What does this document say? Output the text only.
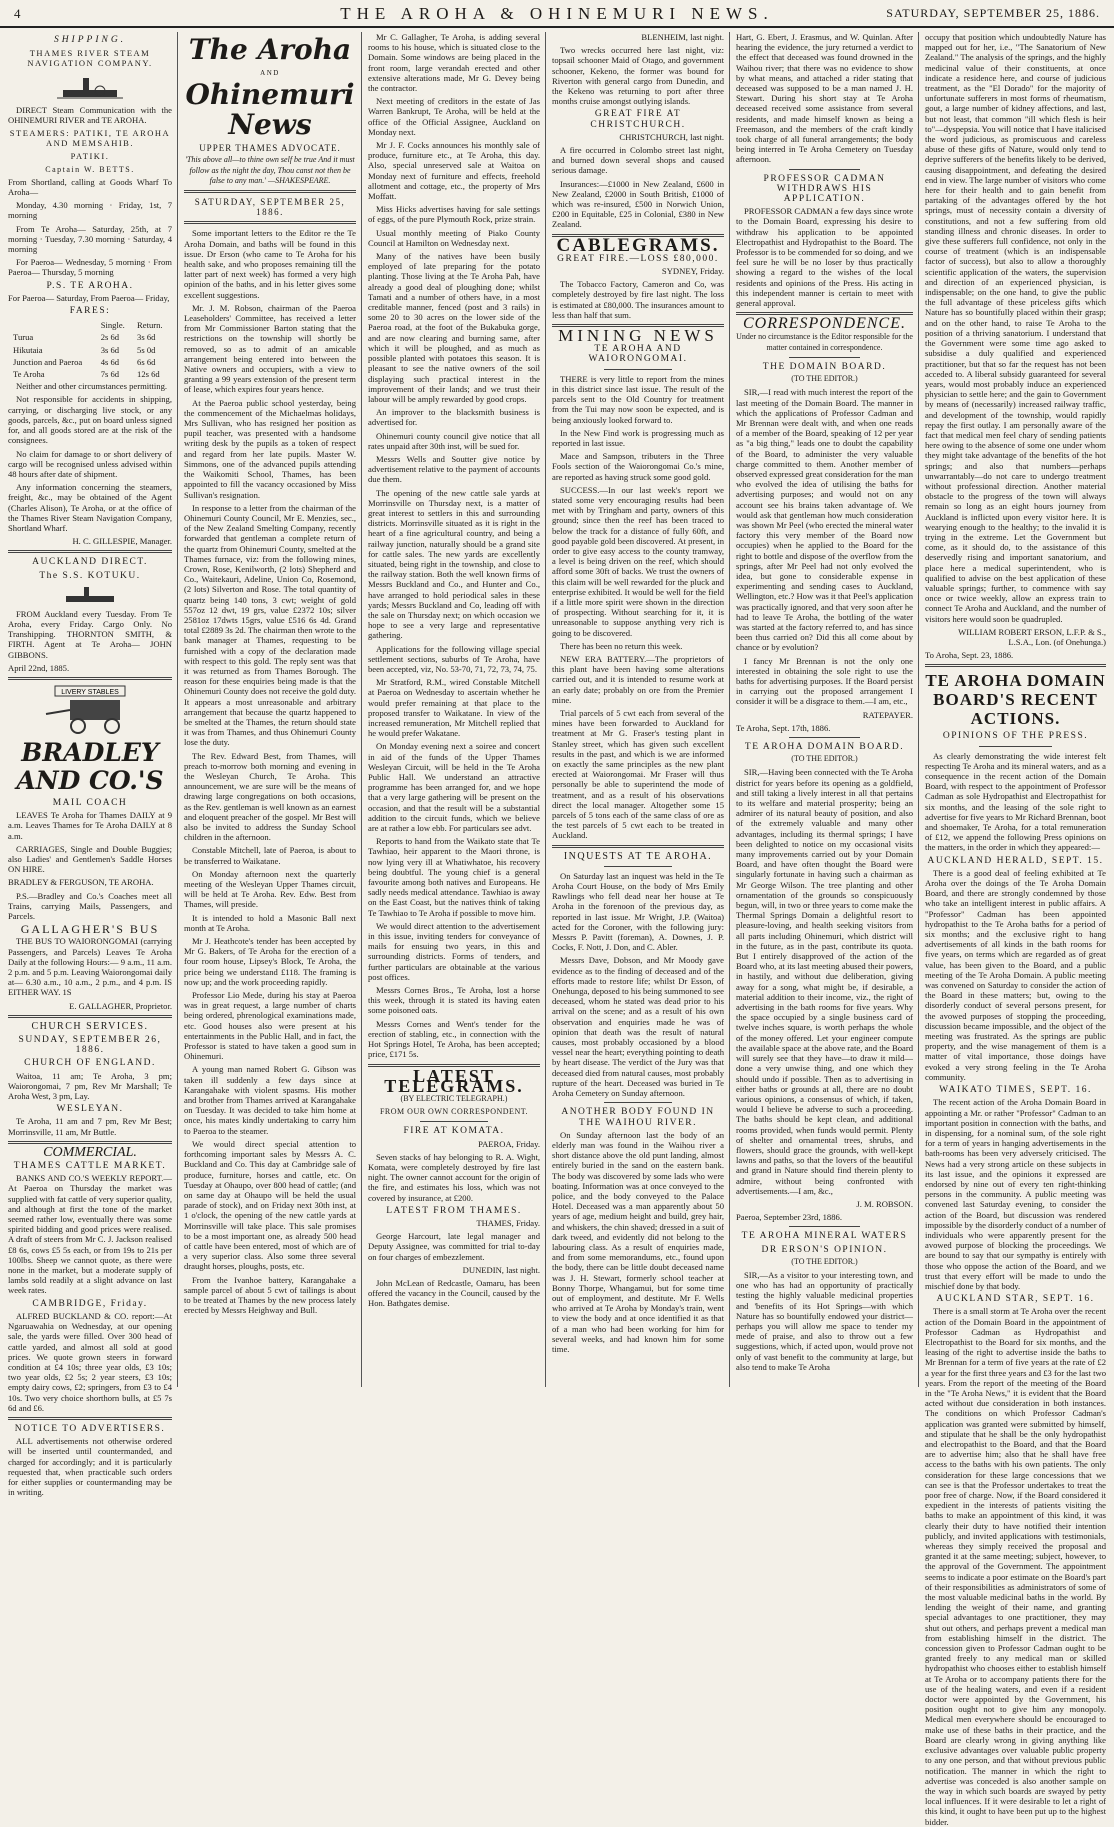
4	THE AROHA & OHINEMURI NEWS.	SATURDAY, SEPTEMBER 25, 1886.
SHIPPING.
THAMES RIVER STEAM NAVIGATION COMPANY.

DIRECT Steam Communication with the OHINEMURI RIVER and TE AROHA.

STEAMERS: PATIKI, TE AROHA AND MEMSAHIB.
PATIKI.
Captain W. BETTS.

From Shortland, calling at Goods Wharf To Aroha—

Monday, 4.30 morning · Friday, 1st, 7 morning

From Te Aroha— Saturday, 25th, at 7 morning · Tuesday, 7.30 morning · Saturday, 4 morning

For Paeroa— Wednesday, 5 morning · From Paeroa— Thursday, 5 morning

P.S. TE AROHA.

For Paeroa— Saturday, From Paeroa— Friday,

FARES:
	Single.	Return.
Turua	2s 6d	3s 6d
Hikutaia	3s 6d	5s 0d
Junction and Paeroa	4s 6d	6s 6d
Te Aroha	7s 6d	12s 6d

Neither and other circumstances permitting.

Not responsible for accidents in shipping, carrying, or discharging live stock, or any goods, parcels, &c., put on board unless signed for, and all goods stored are at the risk of the consignees.

No claim for damage to or short delivery of cargo will be recognised unless advised within 48 hours after date of shipment.

Any information concerning the steamers, freight, &c., may be obtained of the Agent (Charles Alison), Te Aroha, or at the office of the Thames River Steam Navigation Company, Shortland Wharf.

H. C. GILLESPIE, Manager.

AUCKLAND DIRECT.
The S.S. KOTUKU.

FROM Auckland every Tuesday. From Te Aroha, every Friday. Cargo Only. No Transhipping. THORNTON SMITH, & FIRTH. Agent at Te Aroha— JOHN GIBBONS.

April 22nd, 1885.

LIVERY STABLES
BRADLEY AND CO.'S
MAIL COACH

LEAVES Te Aroha for Thames DAILY at 9 a.m. Leaves Thames for Te Aroha DAILY at 8 a.m.

CARRIAGES, Single and Double Buggies; also Ladies' and Gentlemen's Saddle Horses ON HIRE.

BRADLEY & FERGUSON, TE AROHA.

P.S.—Bradley and Co.'s Coaches meet all Trains, carrying Mails, Passengers, and Parcels.

GALLAGHER'S BUS

THE BUS TO WAIORONGOMAI (carrying Passengers, and Parcels) Leaves Te Aroha Daily at the following Hours:— 9 a.m., 11 a.m. 2 p.m. and 5 p.m. Leaving Waiorongomai daily at— 6.30 a.m., 10 a.m., 2 p.m., and 4 p.m. IS EITHER WAY. 1S

E. GALLAGHER, Proprietor.

CHURCH SERVICES.
SUNDAY, SEPTEMBER 26, 1886.
CHURCH OF ENGLAND.

Waitoa, 11 am; Te Aroha, 3 pm; Waiorongomai, 7 pm, Rev Mr Marshall; Te Aroha West, 3 pm, Lay.

WESLEYAN.

Te Aroha, 11 am and 7 pm, Rev Mr Best; Morrinsville, 11 am, Mr Buttle.

COMMERCIAL.
THAMES CATTLE MARKET.

BANKS AND CO.'S WEEKLY REPORT.—At Paeroa on Thursday the market was supplied with fat cattle of very superior quality, and although at first the tone of the market seemed rather low, eventually there was some spirited bidding and good prices were realised. A draft of steers from Mr C. J. Jackson realised £8 6s, cows £5 5s each, or from 19s to 21s per 100lbs. Sheep we cannot quote, as there were none in the market, but a moderate supply of lambs sold readily at a slight advance on last week rates.

CAMBRIDGE, Friday.

ALFRED BUCKLAND & CO. report:—At Ngaruawahia on Wednesday, at our opening sale, the yards were filled. Over 300 head of cattle yarded, and almost all sold at good prices. We quote grown steers in forward condition at £4 10s; three year olds, £3 10s; two year olds, £2 5s; 2 year steers, £3 10s; empty dairy cows, £2; springers, from £3 to £4 10s. Two very choice shorthorn bulls, at £5 7s 6d and £6.

NOTICE TO ADVERTISERS.

ALL advertisements not otherwise ordered will be inserted until countermanded, and charged for accordingly; and it is particularly requested that, when practicable such orders for either supplies or countermanding may be in writing.

The Aroha
AND
Ohinemuri News
UPPER THAMES ADVOCATE.

'This above all—to thine own self be true And it must follow as the night the day, Thou canst not then be false to any man.' —SHAKESPEARE.

SATURDAY, SEPTEMBER 25, 1886.

Some important letters to the Editor re the Te Aroha Domain, and baths will be found in this issue. Dr Erson (who came to Te Aroha for his health sake, and who proposes remaining till the latter part of next week) has formed a very high opinion of the baths, and in his letter gives some excellent suggestions.

Mr. J. M. Robson, chairman of the Paeroa Leaseholders' Committee, has received a letter from Mr Commissioner Barton stating that the restrictions on the township will shortly be removed, so as to admit of an amicable arrangement being entered into between the Native owners and occupiers, with a view to granting a 99 years extension of the present term of lease, which expires four years hence.

At the Paeroa public school yesterday, being the commencement of the Michaelmas holidays, Mrs Sullivan, who has resigned her position as pupil teacher, was presented with a handsome writing desk by the pupils as a token of respect and regard from her late pupils. Master W. Simmons, one of the advanced pupils attending the Waikomiti School, Thames, has been appointed to fill the vacancy occasioned by Miss Sullivan's resignation.

In response to a letter from the chairman of the Ohinemuri County Council, Mr E. Menzies, sec., of the New Zealand Smelting Company, recently forwarded that gentleman a complete return of the quartz from Ohinemuri County, smelted at the Thames furnace, viz: from the following mines, Crown, Rose, Kenilworth, (2 lots) Shepherd and Co., Waitekauri, Adeline, Union Co, Rosemond, (2 lots) Silverton and Rose. The total quantity of quartz being 140 tons, 3 cwt; weight of gold 557oz 12 dwt, 19 grs, value £2372 10s; silver 2581oz 17dwts 15grs, value £516 6s 4d. Grand total £2889 3s 2d. The chairman then wrote to the bank manager at Thames, requesting to be furnished with a copy of the declaration made with respect to this gold. The reply sent was that it was returned as from Thames Borough. The reason for these enquiries being made is that the Ohinemuri County does not receive the gold duty. It appears a most unreasonable and arbitrary arrangement that because the quartz happened to be smelted at the Thames, the return should state it was from Thames, and thus Ohinemuri County lose the duty.

The Rev. Edward Best, from Thames, will preach to-morrow both morning and evening in the Wesleyan Church, Te Aroha. This announcement, we are sure will be the means of drawing large congregations on both occasions, as the Rev. gentleman is well known as an earnest and eloquent preacher of the gospel. Mr Best will also be invited to address the Sunday School children in the afternoon.

Constable Mitchell, late of Paeroa, is about to be transferred to Waikatane.

On Monday afternoon next the quarterly meeting of the Wesleyan Upper Thames circuit, will be held at Te Aroha. Rev. Edw. Best from Thames, will preside.

It is intended to hold a Masonic Ball next month at Te Aroha.

Mr J. Heathcote's tender has been accepted by Mr G. Bakers, of Te Aroha for the erection of a four room house, Lipsey's Block, Te Aroha, the price being we understand £118. The framing is now up; and the work proceeding rapidly.

Professor Lio Mede, during his stay at Paeroa was in great request, a large number of charts being ordered, phrenological examinations made, etc. Good houses also were present at his entertainments in the Public Hall, and in fact, the Professor is stated to have taken a good sum in Ohinemuri.

A young man named Robert G. Gibson was taken ill suddenly a few days since at Karangahake with violent spasms. His mother and brother from Thames arrived at Karangahake on Tuesday. It was decided to take him home at once, his mates kindly undertaking to carry him to Paeroa to the steamer.

We would direct special attention to forthcoming important sales by Messrs A. C. Buckland and Co. This day at Cambridge sale of produce, furniture, horses and cattle, etc. On Tuesday at Ohaupo, over 800 head of cattle; (and on same day at Ohaupo will be held the usual parade of stock), and on Friday next 30th inst, at 1 o'clock, the opening of the new cattle yards at Morrinsville will take place. This sale promises to be a most important one, as already 500 head of cattle have been entered, most of which are of a very superior class. Also some three several draught horses, ploughs, posts, etc.

From the Ivanhoe battery, Karangahake a sample parcel of about 5 cwt of tailings is about to be treated at Thames by the new process lately erected by Messrs Heighway and Bull.

Mr C. Gallagher, Te Aroha, is adding several rooms to his house, which is situated close to the Domain. Some windows are being placed in the front room, large verandah erected and other extensive alterations made, Mr G. Devey being the contractor.

Next meeting of creditors in the estate of Jas Warren Bankrupt, Te Aroha, will be held at the office of the Official Assignee, Auckland on Monday next.

Mr J. F. Cocks announces his monthly sale of produce, furniture etc., at Te Aroha, this day. Also, special unreserved sale at Waitoa on Monday next of furniture and effects, freehold allotment and cottage, etc., the property of Mrs Moffatt.

Miss Hicks advertises having for sale settings of eggs, of the pure Plymouth Rock, prize strain.

Usual monthly meeting of Piako County Council at Hamilton on Wednesday next.

Many of the natives have been busily employed of late preparing for the potato planting. Those living at the Te Aroha Pah, have already a good deal of ploughing done; whilst Tamati and a number of others have, in a most creditable manner, fenced (post and 3 rails) in some 20 to 30 acres on the lower side of the Paeroa road, at the foot of the Bukabuka gorge, and are now clearing and burning same, after which it will be ploughed, and as much as possible planted with potatoes this season. It is pleasant to see the native owners of the soil displaying such practical interest in the improvement of their lands; and we trust their labour will be amply rewarded by good crops.

An improver to the blacksmith business is advertised for.

Ohinemuri county council give notice that all rates unpaid after 30th inst, will be sued for.

Messrs Wells and Soutter give notice by advertisement relative to the payment of accounts due them.

The opening of the new cattle sale yards at Morrinsville on Thursday next, is a matter of great interest to settlers in this and surrounding districts. Morrinsville situated as it is right in the heart of a fine agricultural country, and being a railway junction, naturally should be a grand site for cattle sales. The new yards are excellently situated, being right in the township, and close to the railway station. Both the well known firms of Messrs Buckland and Co., and Hunter and Co., have arranged to hold periodical sales in these yards; Messrs Buckland and Co, leading off with the sale on Thursday next; on which occasion we hope to see a very large and representative gathering.

Applications for the following village special settlement sections, suburbs of Te Aroha, have been accepted, viz, No. 53-70, 71, 72, 73, 74, 75.

Mr Stratford, R.M., wired Constable Mitchell at Paeroa on Wednesday to ascertain whether he would prefer remaining at that place to the proposed transfer to Waikatane. In view of the increased remuneration, Mr Mitchell replied that he would prefer Wakatane.

On Monday evening next a soiree and concert in aid of the funds of the Upper Thames Wesleyan Circuit, will be held in the Te Aroha Public Hall. We understand an attractive programme has been arranged for, and we hope that a very large gathering will be present on the occasion, and that the result will be a substantial addition to the circuit funds, which we believe are at rather a low ebb. For particulars see advt.

Reports to hand from the Waikato state that Te Tawhiao, heir apparent to the Maori throne, is now lying very ill at Whatiwhatoe, his recovery being doubtful. The young chief is a general favourite among both natives and Europeans. He sadly needs medical attendance. Tawhiao is away on the East Coast, but the natives think of taking Te Tawhiao to Te Aroha if possible to move him.

We would direct attention to the advertisement in this issue, inviting tenders for conveyance of mails for ensuing two years, in this and surrounding districts. Forms of tenders, and further particulars are obtainable at the various post offices.

Messrs Cornes Bros., Te Aroha, lost a horse this week, through it is stated its having eaten some poisoned oats.

Messrs Cornes and Went's tender for the erection of stabling, etc., in connection with the Hot Springs Hotel, Te Aroha, has been accepted; price, £171 5s.

LATEST TELEGRAMS.
(BY ELECTRIC TELEGRAPH.)
FROM OUR OWN CORRESPONDENT.
FIRE AT KOMATA.

PAEROA, Friday.

Seven stacks of hay belonging to R. A. Wight, Komata, were completely destroyed by fire last night. The owner cannot account for the origin of the fire, and estimates his loss, which was not covered by insurance, at £200.

LATEST FROM THAMES.

THAMES, Friday.

George Harcourt, late legal manager and Deputy Assignee, was committed for trial to-day on four charges of embezzlement.

DUNEDIN, last night.

John McLean of Redcastle, Oamaru, has been offered the vacancy in the Council, caused by the Hon. Bathgates demise.

BLENHEIM, last night.

Two wrecks occurred here last night, viz: topsail schooner Maid of Otago, and government schooner, Kekeno, the former was bound for Riverton with general cargo from Dunedin, and the Kekeno was returning to port after three months cruise amongst outlying islands.

GREAT FIRE AT CHRISTCHURCH.

CHRISTCHURCH, last night.

A fire occurred in Colombo street last night, and burned down several shops and caused serious damage.

Insurances:—£1000 in New Zealand, £600 in New Zealand, £2000 in South British, £1000 of which was re-insured, £500 in Norwich Union, £200 in Equitable, £25 in Colonial, £380 in New Zealand.

CABLEGRAMS.
GREAT FIRE.—LOSS £80,000.

SYDNEY, Friday.

The Tobacco Factory, Cameron and Co, was completely destroyed by fire last night. The loss is estimated at £80,000. The insurances amount to less than half that sum.

MINING NEWS
TE AROHA AND WAIORONGOMAI.

THERE is very little to report from the mines in this district since last issue. The result of the parcels sent to the Old Country for treatment from the Tui may now soon be expected, and is being anxiously looked forward to.

In the New Find work is progressing much as reported in last issue.

Mace and Sampson, tributers in the Three Fools section of the Waiorongomai Co.'s mine, are reported as having struck some good gold.

SUCCESS.—In our last week's report we stated some very encouraging results had been met with by Tringham and party, owners of this ground; since then the reef has been traced to below the track for a distance of fully 60ft, and good payable gold been discovered. At present, in order to give easy access to the county tramway, a level is being driven on the reef, which should afford some 30ft of backs. We trust the owners of this claim will be well rewarded for the pluck and enterprise exhibited. It would be well for the field if a little more spirit were shown in the direction of prospecting. Without searching for it, it is unreasonable to suppose anything very rich is going to be discovered.

There has been no return this week.

NEW ERA BATTERY.—The proprietors of this plant have been having some alterations carried out, and it is intended to resume work at an early date; probably on ore from the Premier mine.

Trial parcels of 5 cwt each from several of the mines have been forwarded to Auckland for treatment at Mr G. Fraser's testing plant in Stanley street, which has given such excellent results in the past, and which is we are informed on exactly the same principles as the new plant erected at Waiorongomai. Mr Fraser will thus personally be able to superintend the mode of treatment, and as a result of his observations direct the local manager. Altogether some 15 parcels of 5 tons each of the same class of ore as the test parcels of 5 cwt each to be treated in Auckland.

INQUESTS AT TE AROHA.

On Saturday last an inquest was held in the Te Aroha Court House, on the body of Mrs Emily Rawlings who fell dead near her house at Te Aroha in the forenoon of the previous day, as reported in last issue. Mr Wright, J.P. (Waitoa) acted for the Coroner, with the following jury: Messrs P. Pavitt (foreman), A. Downes, J. P. Cocks, F. Nott, J. Don, and C. Abler.

Messrs Dave, Dobson, and Mr Moody gave evidence as to the finding of deceased and of the efforts made to restore life; whilst Dr Esson, of Onehunga, deposed to his being summoned to see deceased, whom he stated was dead prior to his arrival on the scene; and as a result of his own observation and enquiries made he was of opinion that death was the result of natural causes, most probably occasioned by a blood vessel near the heart; everything pointing to death by heart disease. The verdict of the Jury was that deceased died from natural causes, most probably rupture of the heart. Deceased was buried in Te Aroha Cemetery on Sunday afternoon.

ANOTHER BODY FOUND IN THE WAIHOU RIVER.

On Sunday afternoon last the body of an elderly man was found in the Waihou river a short distance above the old punt landing, almost entirely buried in the sand on the eastern bank. The body was discovered by some lads who were boating. Information was at once conveyed to the police, and the body conveyed to the Palace Hotel. Deceased was a man apparently about 50 years of age, medium height and build, grey hair, and whiskers, the chin shaved; dressed in a suit of dark tweed, and evidently did not belong to the labouring class. As a result of enquiries made, and from some memorandums, etc., found upon the body, there can be little doubt deceased name was J. H. Stewart, formerly school teacher at Bonny Thorpe, Whangamui, but for some time out of employment, and destitute. Mr F. Wells who arrived at Te Aroha by Monday's train, went to view the body and at once identified it as that of a man who had been working for him for several weeks, and had known him for some time.

Hart, G. Ebert, J. Erasmus, and W. Quinlan. After hearing the evidence, the jury returned a verdict to the effect that deceased was found drowned in the Waihou river; that there was no evidence to show by what means, and attached a rider stating that deceased was supposed to be a man named J. H. Stewart. During his short stay at Te Aroha deceased received some assistance from several residents, and made himself known as being a Freemason, and the members of the craft kindly took charge of all funeral arrangements; the body being interred in Te Aroha Cemetery on Tuesday afternoon.

PROFESSOR CADMAN WITHDRAWS HIS APPLICATION.

PROFESSOR CADMAN a few days since wrote to the Domain Board, expressing his desire to withdraw his application to be appointed Electropathist and Hydropathist to the Board. The Professor is to be commended for so doing, and we feel sure he will be no loser by thus practically showing a regard to the wishes of the local residents and opinions of the Press. His acting in this independent manner is certain to meet with general approval.

CORRESPONDENCE.

Under no circumstance is the Editor responsible for the matter contained in correspondence.

THE DOMAIN BOARD.
(TO THE EDITOR.)

SIR,—I read with much interest the report of the last meeting of the Domain Board. The manner in which the applications of Professor Cadman and Mr Brennan were dealt with, and when one reads of a member of the Board, speaking of 12 per year as "a big thing," leads one to doubt the capability of the Board, to administer the very valuable charge committed to them. Another member of observed expressed great consideration for the man who evolved the idea of utilising the baths for advertising purposes; and would not on any account see his brains taken advantage of. We would ask that gentleman how much consideration was shown Mr Peel (who erected the mineral water factory this very member of the Board now occupies) when he applied to the Board for the right to bottle and dispose of the overflow from the springs, after Mr Peel had not only evolved the idea, but gone to considerable expense in experimenting and sending cases to Auckland, Wellington, etc.? How was it that Peel's application was practically ignored, and that very soon after he had to leave Te Aroha, the bottling of the water was started at the factory referred to, and has since been thus carried on? Did this all come about by chance or by evolution?

I fancy Mr Brennan is not the only one interested in obtaining the sole right to use the baths for advertising purposes. If the Board persist in carrying out the proposed arrangement I consider it will be a disgrace to them.—I am, etc.,

RATEPAYER.

Te Aroha, Sept. 17th, 1886.

TE AROHA DOMAIN BOARD.
(TO THE EDITOR.)

SIR,—Having been connected with the Te Aroha district for years before its opening as a goldfield, and still taking a lively interest in all that pertains to its welfare and material prosperity; being an admirer of its natural beauty of position, and also of the extremely valuable and many other advantages, including its thermal springs; I have been delighted to notice on my occasional visits many improvements carried out by your Domain Board, and have often thought the Board were singularly fortunate in having such a chairman as Mr George Wilson. The tree planting and other ornamentation of the grounds so conspicuously begun, will, in two or three years to come make the Thermal Springs Domain a delightful resort to pleasure-loving, and health seeking visitors from all parts including Ohinemuri, which district will in the future, as in the past, contribute its quota. But I entirely disapproved of the action of the Board who, at its last meeting abused their powers, in hastily, and without due deliberation, giving away for a song, what might be, if desirable, a material addition to their income, viz., the right of advertising in the bath rooms for five years. Why the space occupied by a single business card of twelve inches square, is worth perhaps the whole of the money offered. Let your engineer compute the available space at the above rate, and the Board will surely see that they have—to draw it mild—done a very unwise thing, and one which they should undo if possible. Then as to advertising in either baths or grounds at all, there are no doubt various opinions, a consensus of which, if taken, would I believe be adverse to such a proceeding. The baths should be kept clean, and additional rooms provided, when funds would permit. Plenty of shelter and ornamental trees, shrubs, and flowers, should grace the grounds, with well-kept lawns and paths, so that the lovers of the beautiful and grand in Nature should find therein plenty to admire, without being confronted with advertisements.—I am, &c.,

J. M. ROBSON.

Paeroa, September 23rd, 1886.

TE AROHA MINERAL WATERS
DR ERSON'S OPINION.
(TO THE EDITOR.)

SIR,—As a visitor to your interesting town, and one who has had an opportunity of practically testing the highly valuable medicinal properties and 'benefits of its Hot Springs—with which Nature has so bountifully endowed your district—perhaps you will allow me space to tender my mede of praise, and also to throw out a few suggestions, which, if acted upon, would prove not only of vast benefit to the community at large, but also tend to make Te Aroha

occupy that position which undoubtedly Nature has mapped out for her, i.e., "The Sanatorium of New Zealand." The analysis of the springs, and the highly medicinal value of their constituents, at once indicate a residence here, and course of judicious treatment, as the "El Dorado" for the majority of unfortunate sufferers in most forms of rheumatism, gout, a large number of kidney affections, and last, but not least, that common "ill which flesh is heir to"—dyspepsia. You will notice that I have italicised the word judicious, as promiscuous and careless abuse of these gifts of Nature, would only tend to deprive sufferers of the benefits likely to be derived, causing disappointment, and defeating the desired end in view. The large number of visitors who come here for their health and to gain benefit from partaking of the advantages offered by the hot springs, must of necessity contain a diversity of constitutions, and not a few suffering from old standing illness and chronic diseases. In order to give these sufferers full confidence, not only in the course of treatment (which is an indispensable factor of success), but also to allow a thoroughly scientific application of the waters, the supervision and direction of an experienced physician, is indispensable; on the one hand, to give the public the full advantage of these priceless gifts which Nature has so bountifully placed within their grasp; and on the other hand, to raise Te Aroha to the position of a thriving sanatorium. I understand that the Government were some time ago asked to subsidise a duly qualified and experienced practitioner, but that so far the request has not been acceded to. A liberal subsidy guaranteed for several years, would most probably induce an experienced physician to settle here; and the gain to Government by means of (necessarily) increased railway traffic, and development of the township, would rapidly repay the first outlay. I am personally aware of the fact that medical men feel chary of sending patients here owing to the absence of some one under whom they might take advantage of the benefits of the hot springs; and also that numbers—perhaps unwarrantably—do not care to undergo treatment without professional direction. Another material obstacle to the progress of the town will always remain so long as an eight hours journey from Auckland is inflicted upon every visitor here. It is wearying enough to the healthy; to the invalid it is trying in the extreme. Let the Government but come, as it should do, to the assistance of this deservedly rising and important sanatorium, and place here a medical superintendent, who is qualified to advise on the best application of these valuable springs; further, to commence with say once or twice weekly, allow an express train to connect Te Aroha and Auckland, and the number of visitors here would soon be quadrupled.

WILLIAM ROBERT ERSON, L.F.P. & S., L.S.A., Lon. (of Onehunga.)

To Aroha, Sept. 23, 1886.

TE AROHA DOMAIN BOARD'S RECENT ACTIONS.
OPINIONS OF THE PRESS.

As clearly demonstrating the wide interest felt respecting Te Aroha and its mineral waters, and as a consequence in the recent action of the Domain Board, with respect to the appointment of Professor Cadman as sole Hydropathist and Electropathist for six months, and the leasing of the sole right to advertise for five years to Mr Richard Brennan, boot and shoemaker, Te Aroha, for a total remuneration of £12, we append the following Press opinions on the matters, in the order in which they appeared:—

AUCKLAND HERALD, SEPT. 15.

There is a good deal of feeling exhibited at Te Aroha over the doings of the Te Aroha Domain Board, and there are strongly condemned by those who take an intelligent interest in public affairs. A "Professor" Cadman has been appointed hydropathist to the Te Aroha baths for a period of six months; and the exclusive right to hang advertisements of all kinds in the bath rooms for five years, on terms which are regarded as of great value, has been given to the Board, and a public meeting of the Te Aroha Domain. A public meeting was convened on Saturday to consider the action of the Board in these matters; but, owing to the disorderly conduct of several persons present, for the avowed purposes of stopping the proceeding, discussion became impossible, and the object of the meeting was frustrated. As the springs are public property, and the wise management of them is a matter of vital importance, those doings have evoked a very strong feeling in the Te Aroha community.

WAIKATO TIMES, SEPT. 16.

The recent action of the Aroha Domain Board in appointing a Mr. or rather "Professor" Cadman to an important position in connection with the baths, and in dispensing, for a nominal sum, of the sole right for a term of years in hanging advertisements in the bath-rooms has been very adversely criticised. The News had a very strong article on these subjects in its last issue, and the opinions it expressed are endorsed by nine out of every ten right-thinking persons in the community. A public meeting was convened last Saturday evening, to consider the action of the Board, but discussion was rendered impossible by the disorderly conduct of a number of individuals who were apparently present for the avowed purpose of blocking the proceedings. We are bound to say that our sympathy is entirely with those who oppose the action of the Board, and we trust that every effort will be made to undo the mischief done by that body.

AUCKLAND STAR, SEPT. 16.

There is a small storm at Te Aroha over the recent action of the Domain Board in the appointment of Professor Cadman as Hydropathist and Electropathist to the Board for six months, and the leasing of the right to advertise inside the baths to Mr Brennan for a term of five years at the rate of £2 a year for the first three years and £3 for the last two years. From the report of the meeting of the Board in the "Te Aroha News," it is evident that the Board acted without due consideration in both instances. The conditions on which Professor Cadman's application was granted were submitted by himself, and stipulate that he shall be the only hydropathist and electropathist to the Board, and that the Board are to advertise him; also that he shall have free access to the baths with his own patients. The only consideration for these large concessions that we can see is that the Professor undertakes to treat the poor free of charge. Now, if the Board considered it expedient in the interests of patients visiting the baths to make an appointment of this kind, it was clearly their duty to have notified their intention publicly, and invited applications with testimonials, whereas they simply received the proposal and granted it at the same meeting; subject, however, to the approval of the Government. The appointment seems to indicate a poor estimate on the Board's part of their responsibilities as administrators of some of the most valuable medicinal baths in the world. By lending the weight of their name, and granting special advantages to one practitioner, they may shut out others, and perhaps prevent a medical man from establishing himself in the district. The concession given to Professor Cadman ought to be granted freely to any medical man or skilled hydropathist who chooses either to establish himself at Te Aroha or to accompany patients there for the use of the healing waters, and even if a resident doctor were appointed by the Government, his position ought not to give him any monopoly. Medical men everywhere should be encouraged to make use of these baths in their practice, and the Board are clearly wrong in giving anything like exclusive advantages over valuable public property to any one person, and that without previous public notification. The manner in which the right to advertise was conceded is also another sample on the way in which such boards are swayed by petty local influences. If it were desirable to let a right of this kind, it ought to have been put up to the highest bidder.
